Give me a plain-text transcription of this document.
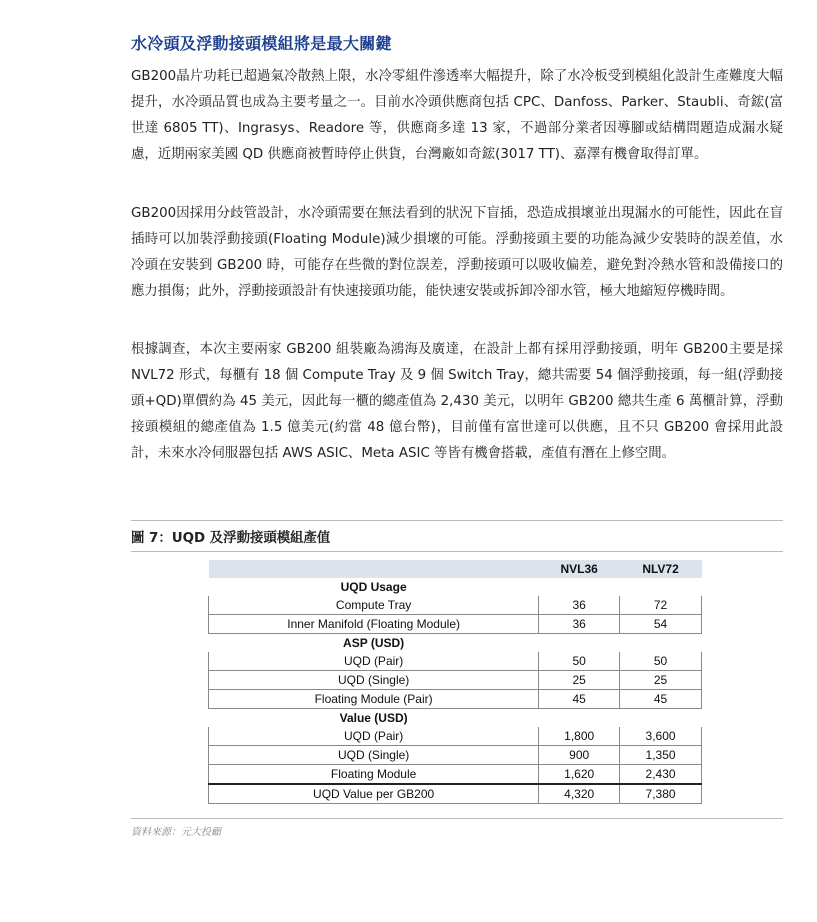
水冷頭及浮動接頭模組將是最大關鍵
GB200晶片功耗已超過氣冷散熱上限，水冷零組件滲透率大幅提升，除了水冷板受到模組化設計生產難度大幅提升，水冷頭品質也成為主要考量之一。目前水冷頭供應商包括 CPC、Danfoss、Parker、Staubli、奇鋐(富世達 6805 TT)、Ingrasys、Readore 等，供應商多達 13 家，不過部分業者因導腳或結構問題造成漏水疑慮，近期兩家美國 QD 供應商被暫時停止供貨，台灣廠如奇鋐(3017 TT)、嘉澤有機會取得訂單。
GB200因採用分歧管設計，水冷頭需要在無法看到的狀況下盲插，恐造成損壞並出現漏水的可能性，因此在盲插時可以加裝浮動接頭(Floating Module)減少損壞的可能。浮動接頭主要的功能為減少安裝時的誤差值，水冷頭在安裝到 GB200 時，可能存在些微的對位誤差，浮動接頭可以吸收偏差，避免對冷熱水管和設備接口的應力損傷；此外，浮動接頭設計有快速接頭功能，能快速安裝或拆卸冷卻水管，極大地縮短停機時間。
根據調查，本次主要兩家 GB200 組裝廠為鴻海及廣達，在設計上都有採用浮動接頭，明年 GB200主要是採 NVL72 形式，每櫃有 18 個 Compute Tray 及 9 個 Switch Tray，總共需要 54 個浮動接頭，每一組(浮動接頭+QD)單價約為 45 美元，因此每一櫃的總產值為 2,430 美元，以明年 GB200 總共生產 6 萬櫃計算，浮動接頭模組的總產值為 1.5 億美元(約當 48 億台幣)，目前僅有富世達可以供應，且不只 GB200 會採用此設計，未來水冷伺服器包括 AWS ASIC、Meta ASIC 等皆有機會搭載，產值有潛在上修空間。
圖 7：UQD 及浮動接頭模組產值
	NVL36	NLV72
UQD Usage		
Compute Tray	36	72
Inner Manifold (Floating Module)	36	54
ASP (USD)		
UQD (Pair)	50	50
UQD (Single)	25	25
Floating Module (Pair)	45	45
Value (USD)		
UQD (Pair)	1,800	3,600
UQD (Single)	900	1,350
Floating Module	1,620	2,430
UQD Value per GB200	4,320	7,380
資料來源：元大投顧
